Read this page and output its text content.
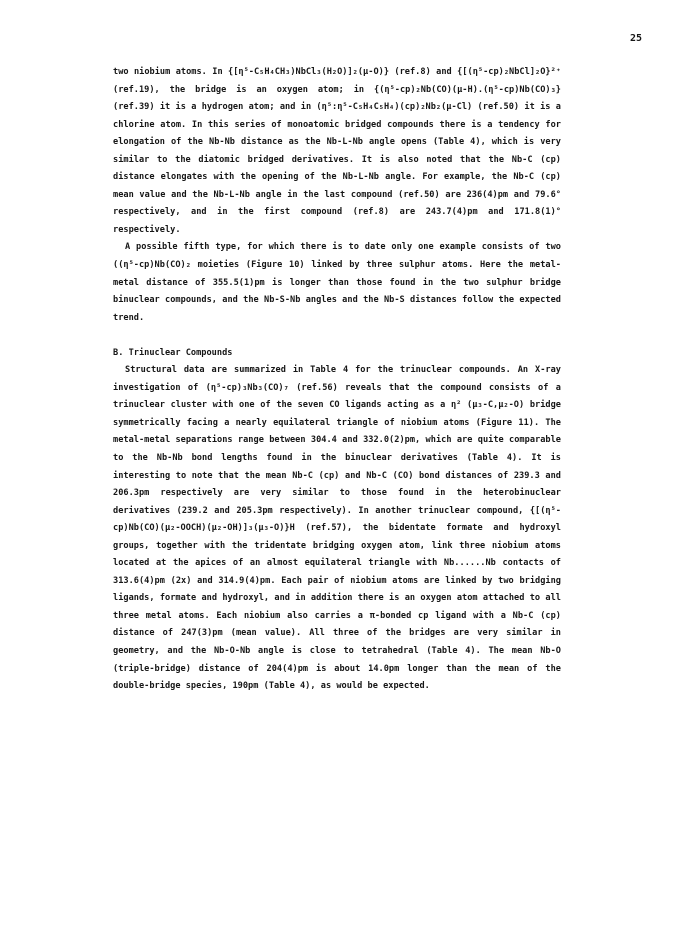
25

two niobium atoms. In {[η⁵-C₅H₄CH₃)NbCl₃(H₂O)]₂(μ-O)} (ref.8) and {[(η⁵-cp)₂NbCl]₂O}²⁺ (ref.19), the bridge is an oxygen atom; in {(η⁵-cp)₂Nb(CO)(μ-H).(η⁵-cp)Nb(CO)₃} (ref.39) it is a hydrogen atom; and in (η⁵:η⁵-C₅H₄C₅H₄)(cp)₂Nb₂(μ-Cl) (ref.50) it is a chlorine atom. In this series of monoatomic bridged compounds there is a tendency for elongation of the Nb-Nb distance as the Nb-L-Nb angle opens (Table 4), which is very similar to the diatomic bridged derivatives. It is also noted that the Nb-C (cp) distance elongates with the opening of the Nb-L-Nb angle. For example, the Nb-C (cp) mean value and the Nb-L-Nb angle in the last compound (ref.50) are 236(4)pm and 79.6° respectively, and in the first compound (ref.8) are 243.7(4)pm and 171.8(1)° respectively.

A possible fifth type, for which there is to date only one example consists of two ((η⁵-cp)Nb(CO)₂ moieties (Figure 10) linked by three sulphur atoms. Here the metal-metal distance of 355.5(1)pm is longer than those found in the two sulphur bridge binuclear compounds, and the Nb-S-Nb angles and the Nb-S distances follow the expected trend.

B. Trinuclear Compounds

Structural data are summarized in Table 4 for the trinuclear compounds. An X-ray investigation of (η⁵-cp)₃Nb₃(CO)₇ (ref.56) reveals that the compound consists of a trinuclear cluster with one of the seven CO ligands acting as a η² (μ₃-C,μ₂-O) bridge symmetrically facing a nearly equilateral triangle of niobium atoms (Figure 11). The metal-metal separations range between 304.4 and 332.0(2)pm, which are quite comparable to the Nb-Nb bond lengths found in the binuclear derivatives (Table 4). It is interesting to note that the mean Nb-C (cp) and Nb-C (CO) bond distances of 239.3 and 206.3pm respectively are very similar to those found in the heterobinuclear derivatives (239.2 and 205.3pm respectively). In another trinuclear compound, {[(η⁵-cp)Nb(CO)(μ₂-OOCH)(μ₂-OH)]₃(μ₃-O)}H (ref.57), the bidentate formate and hydroxyl groups, together with the tridentate bridging oxygen atom, link three niobium atoms located at the apices of an almost equilateral triangle with Nb......Nb contacts of 313.6(4)pm (2x) and 314.9(4)pm. Each pair of niobium atoms are linked by two bridging ligands, formate and hydroxyl, and in addition there is an oxygen atom attached to all three metal atoms. Each niobium also carries a π-bonded cp ligand with a Nb-C (cp) distance of 247(3)pm (mean value). All three of the bridges are very similar in geometry, and the Nb-O-Nb angle is close to tetrahedral (Table 4). The mean Nb-O (triple-bridge) distance of 204(4)pm is about 14.0pm longer than the mean of the double-bridge species, 190pm (Table 4), as would be expected.
